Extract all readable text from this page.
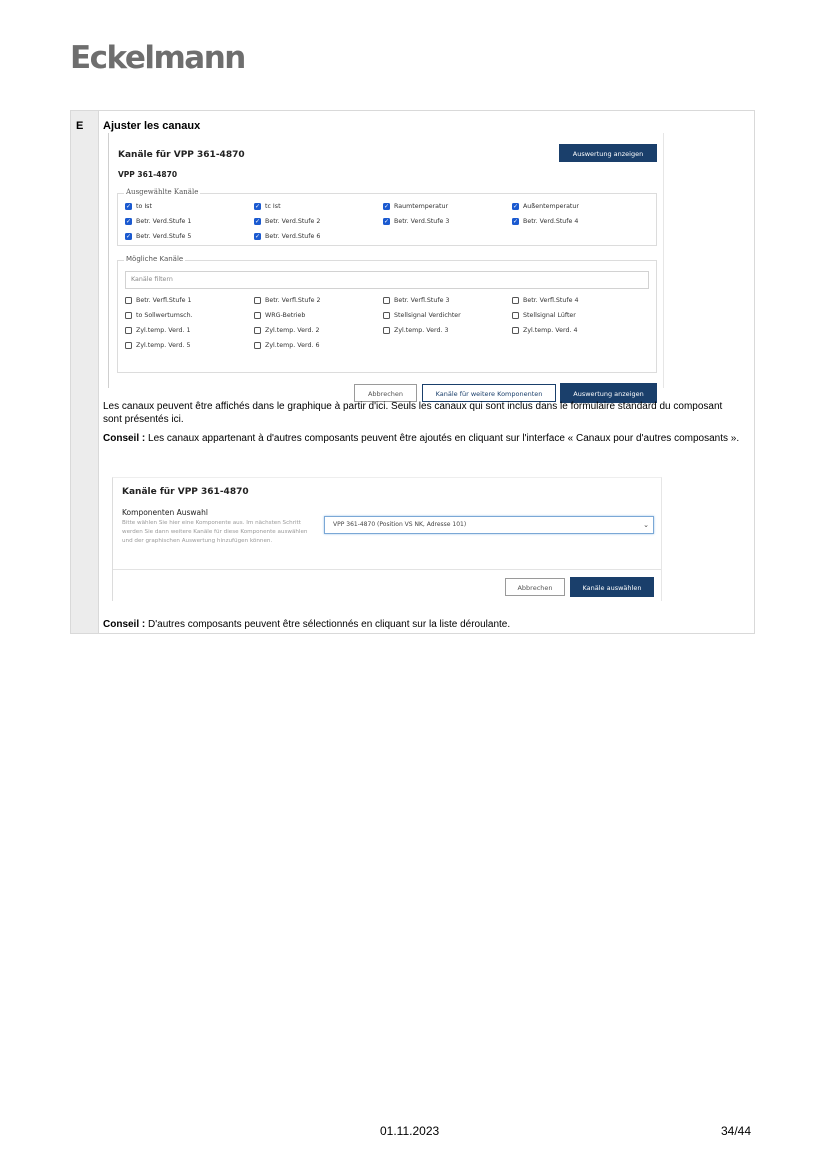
Eckelmann
E Ajuster les canaux
Kanäle für VPP 361-4870	Auswertung anzeigen
VPP 361-4870
Ausgewählte Kanäle
✓ to Ist	✓ tc Ist	✓ Raumtemperatur	✓ Außentemperatur
✓ Betr. Verd.Stufe 1	✓ Betr. Verd.Stufe 2	✓ Betr. Verd.Stufe 3	✓ Betr. Verd.Stufe 4
✓ Betr. Verd.Stufe 5	✓ Betr. Verd.Stufe 6
Mögliche Kanäle
Kanäle filtern
Betr. Verfl.Stufe 1	Betr. Verfl.Stufe 2	Betr. Verfl.Stufe 3	Betr. Verfl.Stufe 4
to Sollwertumsch.	WRG-Betrieb	Stellsignal Verdichter	Stellsignal Lüfter
Zyl.temp. Verd. 1	Zyl.temp. Verd. 2	Zyl.temp. Verd. 3	Zyl.temp. Verd. 4
Zyl.temp. Verd. 5	Zyl.temp. Verd. 6
Abbrechen	Kanäle für weitere Komponenten	Auswertung anzeigen
Les canaux peuvent être affichés dans le graphique à partir d'ici. Seuls les canaux qui sont inclus dans le formulaire standard du composant sont présentés ici.
Conseil : Les canaux appartenant à d'autres composants peuvent être ajoutés en cliquant sur l'interface « Canaux pour d'autres composants ».
Kanäle für VPP 361-4870
Komponenten Auswahl
Bitte wählen Sie hier eine Komponente aus. Im nächsten Schritt werden Sie dann weitere Kanäle für diese Komponente auswählen und der graphischen Auswertung hinzufügen können.
VPP 361-4870 (Position VS NK, Adresse 101)	⌄
Abbrechen	Kanäle auswählen
Conseil : D'autres composants peuvent être sélectionnés en cliquant sur la liste déroulante.
01.11.2023	34/44
